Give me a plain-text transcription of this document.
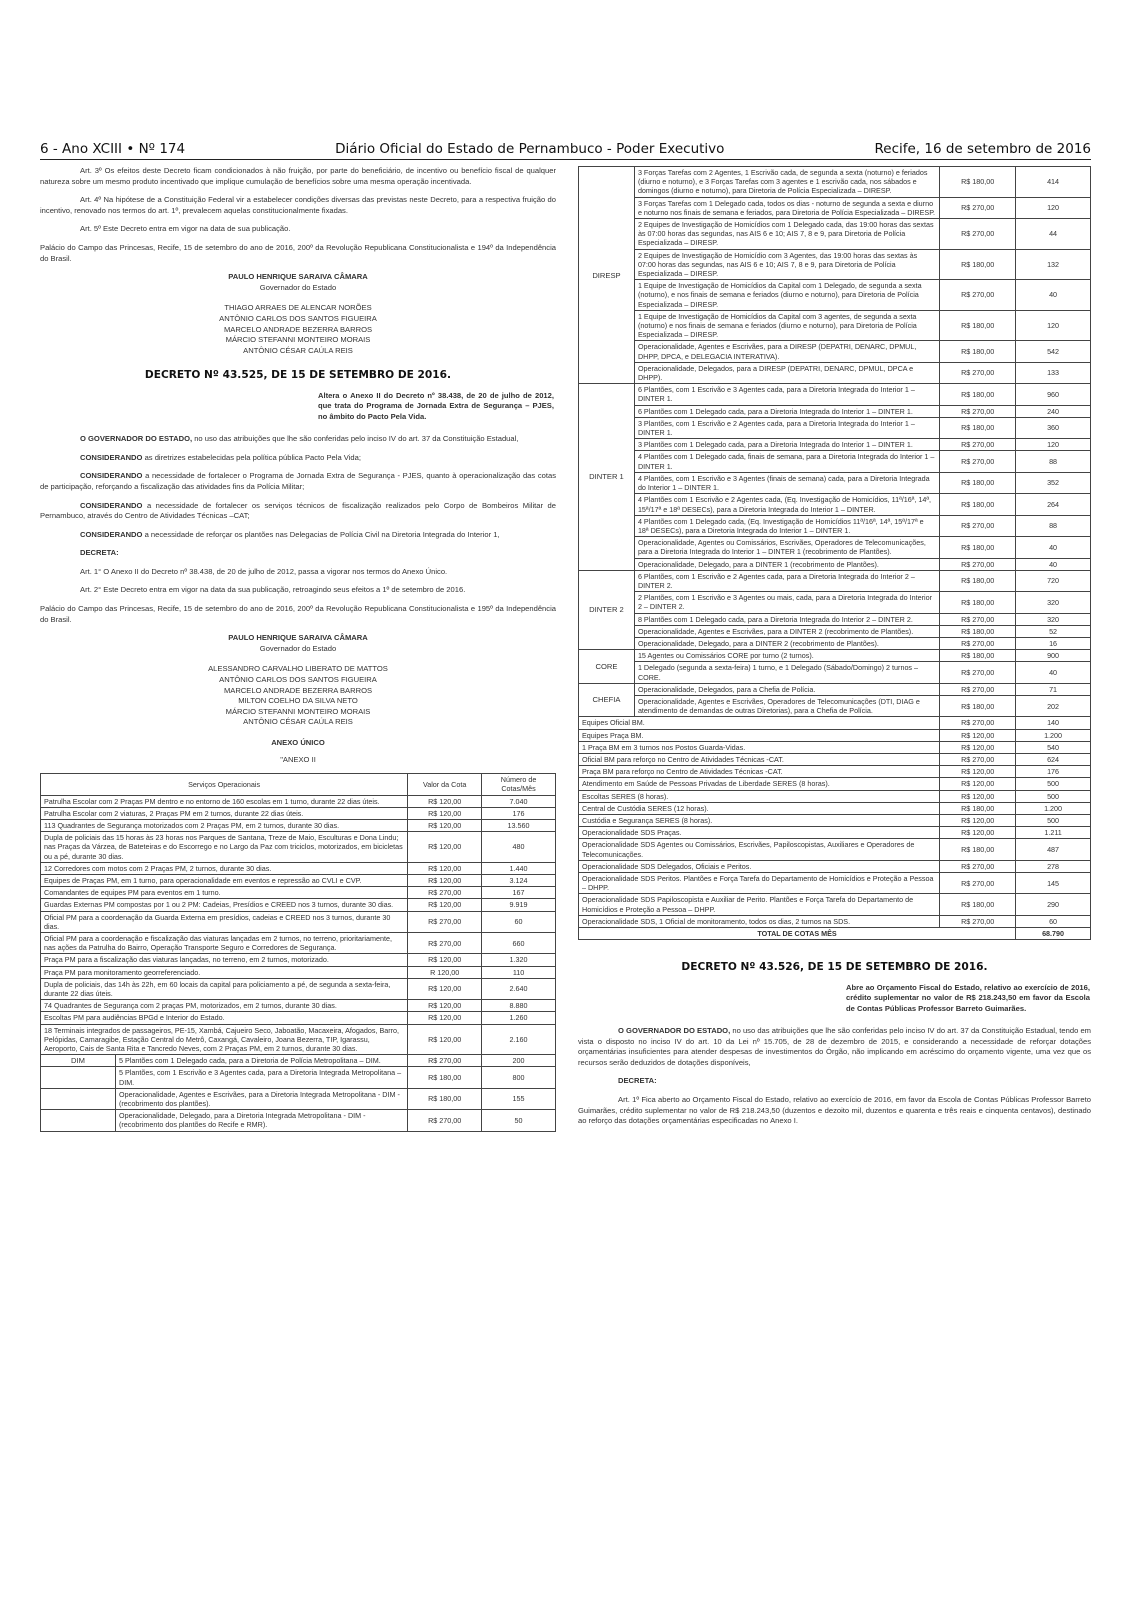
6 - Ano XCIII • Nº 174	Diário Oficial do Estado de Pernambuco - Poder Executivo	Recife, 16 de setembro de 2016

Art. 3º Os efeitos deste Decreto ficam condicionados à não fruição, por parte do beneficiário, de incentivo ou benefício fiscal de qualquer natureza sobre um mesmo produto incentivado que implique cumulação de benefícios sobre uma mesma operação incentivada.

Art. 4º Na hipótese de a Constituição Federal vir a estabelecer condições diversas das previstas neste Decreto, para a respectiva fruição do incentivo, renovado nos termos do art. 1º, prevalecem aquelas constitucionalmente fixadas.

Art. 5º Este Decreto entra em vigor na data de sua publicação.

Palácio do Campo das Princesas, Recife, 15 de setembro do ano de 2016, 200º da Revolução Republicana Constitucionalista e 194º da Independência do Brasil.

PAULO HENRIQUE SARAIVA CÂMARA

Governador do Estado

THIAGO ARRAES DE ALENCAR NORÕES

ANTÔNIO CARLOS DOS SANTOS FIGUEIRA

MARCELO ANDRADE BEZERRA BARROS

MÁRCIO STEFANNI MONTEIRO MORAIS

ANTÔNIO CÉSAR CAÚLA REIS

DECRETO Nº 43.525, DE 15 DE SETEMBRO DE 2016.
Altera o Anexo II do Decreto nº 38.438, de 20 de julho de 2012, que trata do Programa de Jornada Extra de Segurança – PJES, no âmbito do Pacto Pela Vida.

O GOVERNADOR DO ESTADO, no uso das atribuições que lhe são conferidas pelo inciso IV do art. 37 da Constituição Estadual,

CONSIDERANDO as diretrizes estabelecidas pela política pública Pacto Pela Vida;

CONSIDERANDO a necessidade de fortalecer o Programa de Jornada Extra de Segurança - PJES, quanto à operacionalização das cotas de participação, reforçando a fiscalização das atividades fins da Polícia Militar;

CONSIDERANDO a necessidade de fortalecer os serviços técnicos de fiscalização realizados pelo Corpo de Bombeiros Militar de Pernambuco, através do Centro de Atividades Técnicas –CAT;

CONSIDERANDO a necessidade de reforçar os plantões nas Delegacias de Polícia Civil na Diretoria Integrada do Interior 1,

DECRETA:

Art. 1° O Anexo II do Decreto nº 38.438, de 20 de julho de 2012, passa a vigorar nos termos do Anexo Único.

Art. 2° Este Decreto entra em vigor na data da sua publicação, retroagindo seus efeitos a 1º de setembro de 2016.

Palácio do Campo das Princesas, Recife, 15 de setembro do ano de 2016, 200º da Revolução Republicana Constitucionalista e 195º da Independência do Brasil.

PAULO HENRIQUE SARAIVA CÂMARA

Governador do Estado

ALESSANDRO CARVALHO LIBERATO DE MATTOS

ANTÔNIO CARLOS DOS SANTOS FIGUEIRA

MARCELO ANDRADE BEZERRA BARROS

MILTON COELHO DA SILVA NETO

MÁRCIO STEFANNI MONTEIRO MORAIS

ANTÔNIO CÉSAR CAÚLA REIS

ANEXO ÚNICO

"ANEXO II

Serviços Operacionais	Valor da Cota	Número de Cotas/Mês
Patrulha Escolar com 2 Praças PM dentro e no entorno de 160 escolas em 1 turno, durante 22 dias úteis.	R$ 120,00	7.040
Patrulha Escolar com 2 viaturas, 2 Praças PM em 2 turnos, durante 22 dias úteis.	R$ 120,00	176
113 Quadrantes de Segurança motorizados com 2 Praças PM, em 2 turnos, durante 30 dias.	R$ 120,00	13.560
Dupla de policiais das 15 horas às 23 horas nos Parques de Santana, Treze de Maio, Esculturas e Dona Lindu; nas Praças da Várzea, de Bateteiras e do Escorrego e no Largo da Paz com triciclos, motorizados, em bicicletas ou a pé, durante 30 dias.	R$ 120,00	480
12 Corredores com motos com 2 Praças PM, 2 turnos, durante 30 dias.	R$ 120,00	1.440
Equipes de Praças PM, em 1 turno, para operacionalidade em eventos e repressão ao CVLI e CVP.	R$ 120,00	3.124
Comandantes de equipes PM para eventos em 1 turno.	R$ 270,00	167
Guardas Externas PM compostas por 1 ou 2 PM: Cadeias, Presídios e CREED nos 3 turnos, durante 30 dias.	R$ 120,00	9.919
Oficial PM para a coordenação da Guarda Externa em presídios, cadeias e CREED nos 3 turnos, durante 30 dias.	R$ 270,00	60
Oficial PM para a coordenação e fiscalização das viaturas lançadas em 2 turnos, no terreno, prioritariamente, nas ações da Patrulha do Bairro, Operação Transporte Seguro e Corredores de Segurança.	R$ 270,00	660
Praça PM para a fiscalização das viaturas lançadas, no terreno, em 2 turnos, motorizado.	R$ 120,00	1.320
Praça PM para monitoramento georreferenciado.	R 120,00	110
Dupla de policiais, das 14h às 22h, em 60 locais da capital para policiamento a pé, de segunda a sexta-feira, durante 22 dias úteis.	R$ 120,00	2.640
74 Quadrantes de Segurança com 2 praças PM, motorizados, em 2 turnos, durante 30 dias.	R$ 120,00	8.880
Escoltas PM para audiências BPGd e Interior do Estado.	R$ 120,00	1.260
18 Terminais integrados de passageiros, PE-15, Xambá, Cajueiro Seco, Jaboatão, Macaxeira, Afogados, Barro, Pelópidas, Camaragibe, Estação Central do Metrô, Caxangá, Cavaleiro, Joana Bezerra, TIP, Igarassu, Aeroporto, Cais de Santa Rita e Tancredo Neves, com 2 Praças PM, em 2 turnos, durante 30 dias.	R$ 120,00	2.160

DIM 5 Plantões com 1 Delegado cada, para a Diretoria de Polícia Metropolitana – DIM.	R$ 270,00	200

5 Plantões, com 1 Escrivão e 3 Agentes cada, para a Diretoria Integrada Metropolitana – DIM.	R$ 180,00	800

Operacionalidade, Agentes e Escrivães, para a Diretoria Integrada Metropolitana - DIM - (recobrimento dos plantões).	R$ 180,00	155

Operacionalidade, Delegado, para a Diretoria Integrada Metropolitana - DIM - (recobrimento dos plantões do Recife e RMR).	R$ 270,00	50
DIRESP	3 Forças Tarefas com 2 Agentes, 1 Escrivão cada, de segunda a sexta (noturno) e feriados (diurno e noturno), e 3 Forças Tarefas com 3 agentes e 1 escrivão cada, nos sábados e domingos (diurno e noturno), para Diretoria de Polícia Especializada – DIRESP.	R$ 180,00	414
	3 Forças Tarefas com 1 Delegado cada, todos os dias - noturno de segunda a sexta e diurno e noturno nos finais de semana e feriados, para Diretoria de Polícia Especializada – DIRESP.	R$ 270,00	120
	2 Equipes de Investigação de Homicídios com 1 Delegado cada, das 19:00 horas das sextas às 07:00 horas das segundas, nas AIS 6 e 10; AIS 7, 8 e 9, para Diretoria de Polícia Especializada – DIRESP.	R$ 270,00	44
	2 Equipes de Investigação de Homicídio com 3 Agentes, das 19:00 horas das sextas às 07:00 horas das segundas, nas AIS 6 e 10; AIS 7, 8 e 9, para Diretoria de Polícia Especializada – DIRESP.	R$ 180,00	132
	1 Equipe de Investigação de Homicídios da Capital com 1 Delegado, de segunda a sexta (noturno), e nos finais de semana e feriados (diurno e noturno), para Diretoria de Polícia Especializada – DIRESP.	R$ 270,00	40
	1 Equipe de Investigação de Homicídios da Capital com 3 agentes, de segunda a sexta (noturno) e nos finais de semana e feriados (diurno e noturno), para Diretoria de Polícia Especializada – DIRESP.	R$ 180,00	120
	Operacionalidade, Agentes e Escrivães, para a DIRESP (DEPATRI, DENARC, DPMUL, DHPP, DPCA, e DELEGACIA INTERATIVA).	R$ 180,00	542
	Operacionalidade, Delegados, para a DIRESP (DEPATRI, DENARC, DPMUL, DPCA e DHPP).	R$ 270,00	133
DINTER 1	6 Plantões, com 1 Escrivão e 3 Agentes cada, para a Diretoria Integrada do Interior 1 – DINTER 1.	R$ 180,00	960
	6 Plantões com 1 Delegado cada, para a Diretoria Integrada do Interior 1 – DINTER 1.	R$ 270,00	240
	3 Plantões, com 1 Escrivão e 2 Agentes cada, para a Diretoria Integrada do Interior 1 – DINTER 1.	R$ 180,00	360
	3 Plantões com 1 Delegado cada, para a Diretoria Integrada do Interior 1 – DINTER 1.	R$ 270,00	120
	4 Plantões com 1 Delegado cada, finais de semana, para a Diretoria Integrada do Interior 1 – DINTER 1.	R$ 270,00	88
	4 Plantões, com 1 Escrivão e 3 Agentes (finais de semana) cada, para a Diretoria Integrada do Interior 1 – DINTER 1.	R$ 180,00	352
	4 Plantões com 1 Escrivão e 2 Agentes cada, (Eq. Investigação de Homicídios, 11ª/16ª, 14ª, 15ª/17ª e 18ª DESECs), para a Diretoria Integrada do Interior 1 – DINTER.	R$ 180,00	264
	4 Plantões com 1 Delegado cada, (Eq. Investigação de Homicídios 11ª/16ª, 14ª, 15ª/17ª e 18ª DESECs), para a Diretoria Integrada do Interior 1 – DINTER 1.	R$ 270,00	88
	Operacionalidade, Agentes ou Comissários, Escrivães, Operadores de Telecomunicações, para a Diretoria Integrada do Interior 1 – DINTER 1 (recobrimento de Plantões).	R$ 180,00	40
	Operacionalidade, Delegado, para a DINTER 1 (recobrimento de Plantões).	R$ 270,00	40
DINTER 2	6 Plantões, com 1 Escrivão e 2 Agentes cada, para a Diretoria Integrada do Interior 2 – DINTER 2.	R$ 180,00	720
	2 Plantões, com 1 Escrivão e 3 Agentes ou mais, cada, para a Diretoria Integrada do Interior 2 – DINTER 2.	R$ 180,00	320
	8 Plantões com 1 Delegado cada, para a Diretoria Integrada do Interior 2 – DINTER 2.	R$ 270,00	320
	Operacionalidade, Agentes e Escrivães, para a DINTER 2 (recobrimento de Plantões).	R$ 180,00	52
	Operacionalidade, Delegado, para a DINTER 2 (recobrimento de Plantões).	R$ 270,00	16
CORE	15 Agentes ou Comissários CORE por turno (2 turnos).	R$ 180,00	900
	1 Delegado (segunda a sexta-feira) 1 turno, e 1 Delegado (Sábado/Domingo) 2 turnos – CORE.	R$ 270,00	40
CHEFIA	Operacionalidade, Delegados, para a Chefia de Polícia.	R$ 270,00	71
	Operacionalidade, Agentes e Escrivães, Operadores de Telecomunicações (DTI, DIAG e atendimento de demandas de outras Diretorias), para a Chefia de Polícia.	R$ 180,00	202
Equipes Oficial BM.		R$ 270,00	140
Equipes Praça BM.		R$ 120,00	1.200
1 Praça BM em 3 turnos nos Postos Guarda-Vidas.		R$ 120,00	540
Oficial BM para reforço no Centro de Atividades Técnicas -CAT.		R$ 270,00	624
Praça BM para reforço no Centro de Atividades Técnicas -CAT.		R$ 120,00	176
Atendimento em Saúde de Pessoas Privadas de Liberdade SERES (8 horas).		R$ 120,00	500
Escoltas SERES (8 horas).		R$ 120,00	500
Central de Custódia SERES (12 horas).		R$ 180,00	1.200
Custódia e Segurança SERES (8 horas).		R$ 120,00	500
Operacionalidade SDS Praças.		R$ 120,00	1.211
Operacionalidade SDS Agentes ou Comissários, Escrivães, Papiloscopistas, Auxiliares e Operadores de Telecomunicações.		R$ 180,00	487
Operacionalidade SDS Delegados, Oficiais e Peritos.		R$ 270,00	278
Operacionalidade SDS Peritos. Plantões e Força Tarefa do Departamento de Homicídios e Proteção a Pessoa – DHPP.		R$ 270,00	145
Operacionalidade SDS Papiloscopista e Auxiliar de Perito. Plantões e Força Tarefa do Departamento de Homicídios e Proteção a Pessoa – DHPP.		R$ 180,00	290
Operacionalidade SDS, 1 Oficial de monitoramento, todos os dias, 2 turnos na SDS.		R$ 270,00	60
TOTAL DE COTAS MÊS			68.790
DECRETO Nº 43.526, DE 15 DE SETEMBRO DE 2016.
Abre ao Orçamento Fiscal do Estado, relativo ao exercício de 2016, crédito suplementar no valor de R$ 218.243,50 em favor da Escola de Contas Públicas Professor Barreto Guimarães.

O GOVERNADOR DO ESTADO, no uso das atribuições que lhe são conferidas pelo inciso IV do art. 37 da Constituição Estadual, tendo em vista o disposto no inciso IV do art. 10 da Lei nº 15.705, de 28 de dezembro de 2015, e considerando a necessidade de reforçar dotações orçamentárias insuficientes para atender despesas de investimentos do Órgão, não implicando em acréscimo do orçamento vigente, uma vez que os recursos serão deduzidos de dotações disponíveis,

DECRETA:

Art. 1º Fica aberto ao Orçamento Fiscal do Estado, relativo ao exercício de 2016, em favor da Escola de Contas Públicas Professor Barreto Guimarães, crédito suplementar no valor de R$ 218.243,50 (duzentos e dezoito mil, duzentos e quarenta e três reais e cinquenta centavos), destinado ao reforço das dotações orçamentárias especificadas no Anexo I.
